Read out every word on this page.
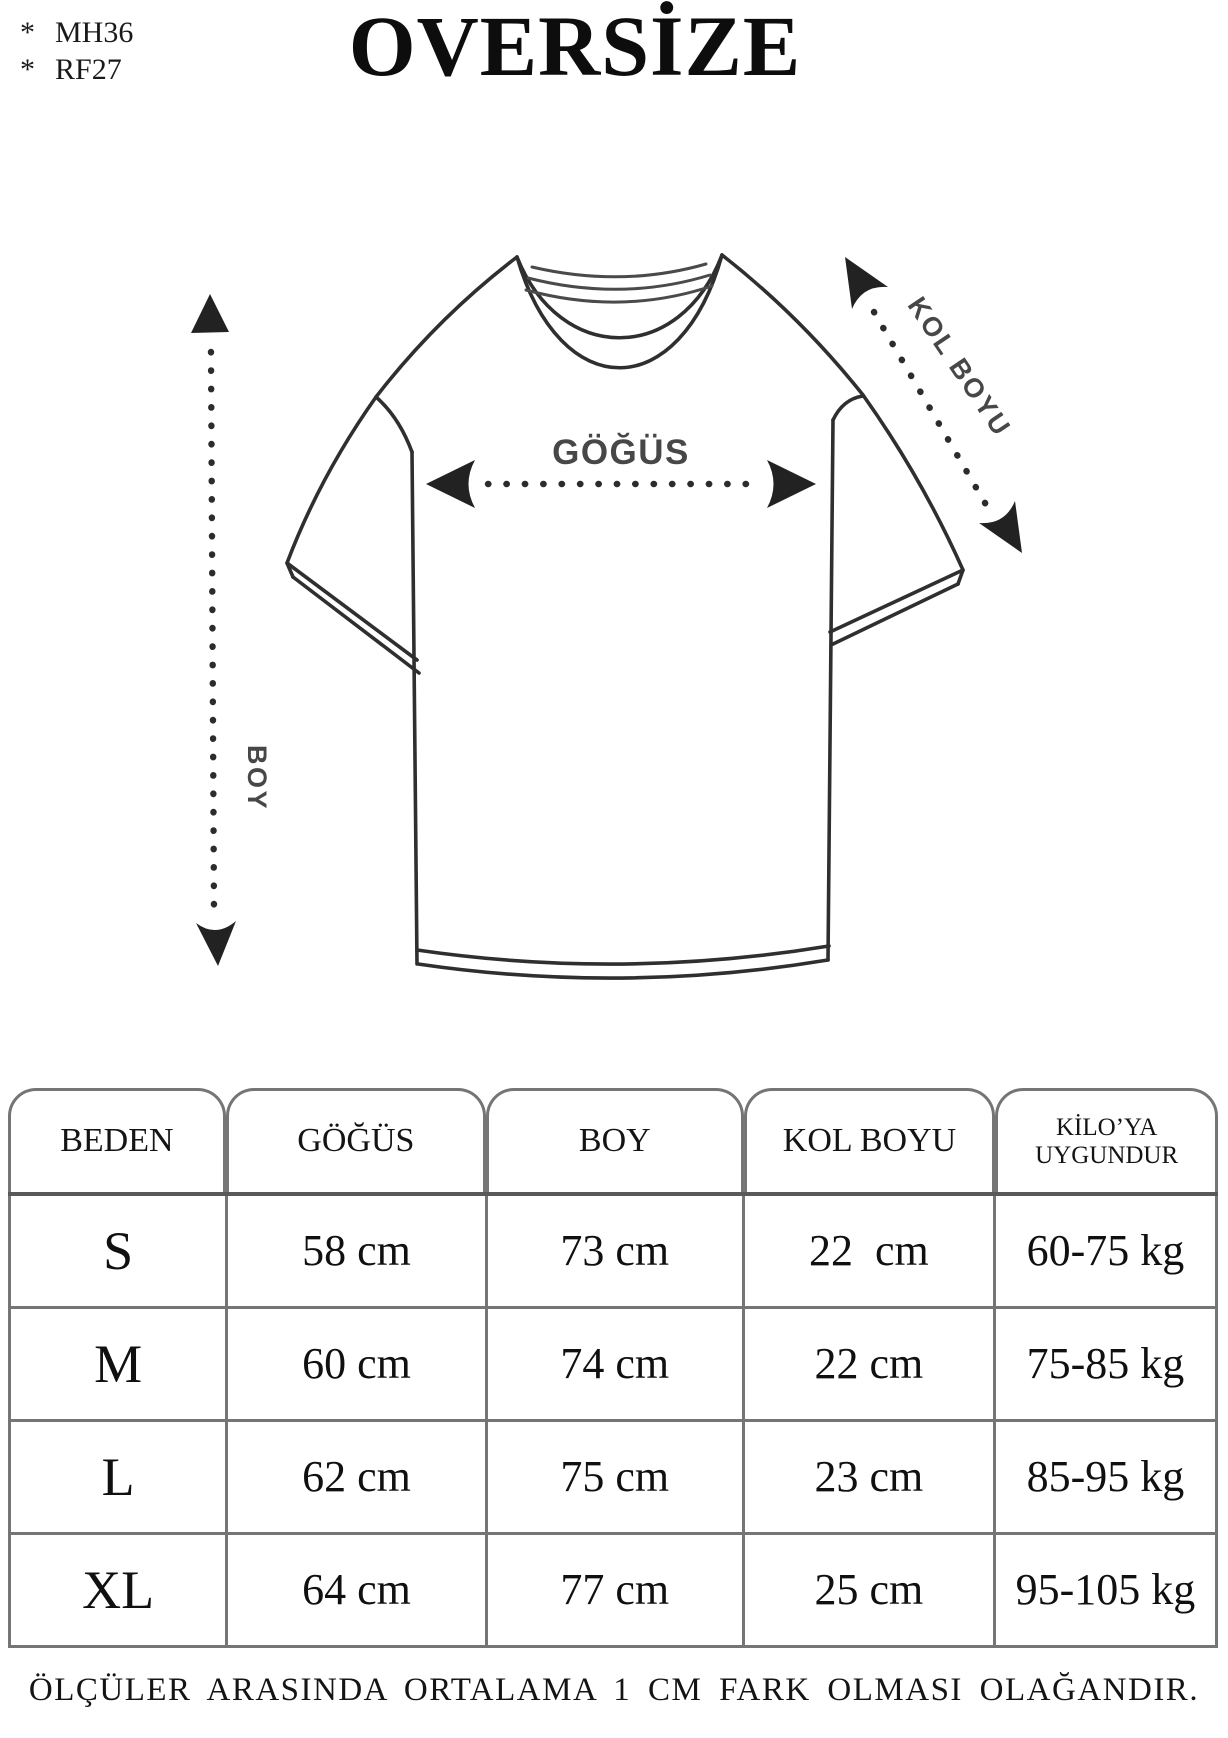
* MH36
* RF27	OVERSİZE
BOY
GÖĞÜS
KOL BOYU
BEDEN	GÖĞÜS	BOY	KOL BOYU	KİLO’YA UYGUNDUR
S	58 cm	73 cm	22  cm	60-75 kg
M	60 cm	74 cm	22 cm	75-85 kg
L	62 cm	75 cm	23 cm	85-95 kg
XL	64 cm	77 cm	25 cm	95-105 kg
ÖLÇÜLER ARASINDA ORTALAMA 1 CM FARK OLMASI OLAĞANDIR.
